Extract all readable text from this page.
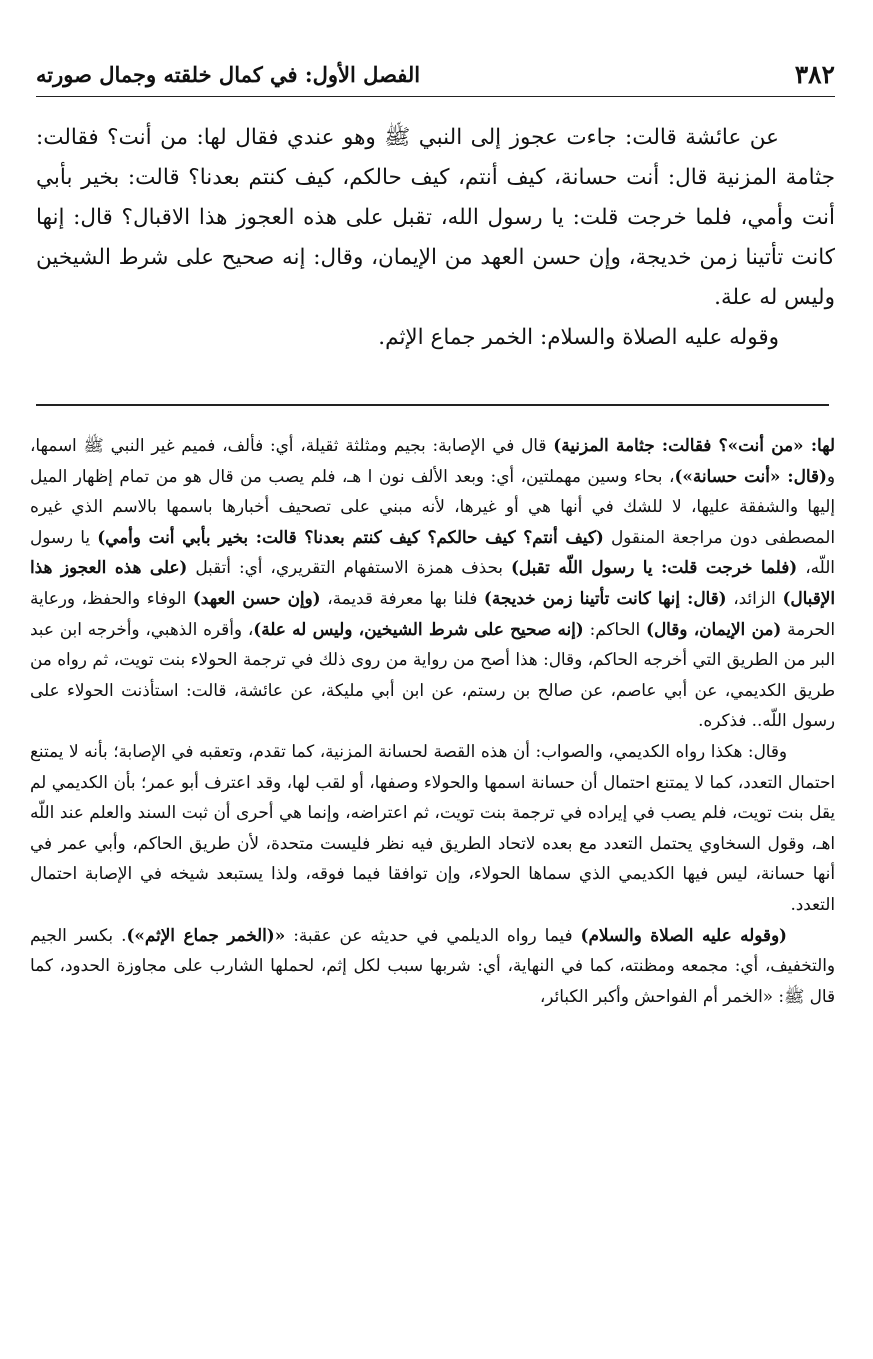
٣٨٢
الفصل الأول: في كمال خلقته وجمال صورته

عن عائشة قالت: جاءت عجوز إلى النبي ﷺ وهو عندي فقال لها: من أنت؟ فقالت: جثامة المزنية قال: أنت حسانة، كيف أنتم، كيف حالكم، كيف كنتم بعدنا؟ قالت: بخير بأبي أنت وأمي، فلما خرجت قلت: يا رسول الله، تقبل على هذه العجوز هذا الاقبال؟ قال: إنها كانت تأتينا زمن خديجة، وإن حسن العهد من الإيمان، وقال: إنه صحيح على شرط الشيخين وليس له علة.

وقوله عليه الصلاة والسلام: الخمر جماع الإثم.

لها: «من أنت»؟ فقالت: جثامة المزنية) قال في الإصابة: بجيم ومثلثة ثقيلة، أي: فألف، فميم غير النبي ﷺ اسمها، و(قال: «أنت حسانة»)، بحاء وسين مهملتين، أي: وبعد الألف نون ا هـ، فلم يصب من قال هو من تمام إظهار الميل إليها والشفقة عليها، لا للشك في أنها هي أو غيرها، لأنه مبني على تصحيف أخبارها باسمها بالاسم الذي غيره المصطفى دون مراجعة المنقول (كيف أنتم؟ كيف حالكم؟ كيف كنتم بعدنا؟ قالت: بخير بأبي أنت وأمي) يا رسول اللّه، (فلما خرجت قلت: يا رسول اللّه تقبل) بحذف همزة الاستفهام التقريري، أي: أتقبل (على هذه العجوز هذا الإقبال) الزائد، (قال: إنها كانت تأتينا زمن خديجة) فلنا بها معرفة قديمة، (وإن حسن العهد) الوفاء والحفظ، ورعاية الحرمة (من الإيمان، وقال) الحاكم: (إنه صحيح على شرط الشيخين، وليس له علة)، وأقره الذهبي، وأخرجه ابن عبد البر من الطريق التي أخرجه الحاكم، وقال: هذا أصح من رواية من روى ذلك في ترجمة الحولاء بنت تويت، ثم رواه من طريق الكديمي، عن أبي عاصم، عن صالح بن رستم، عن ابن أبي مليكة، عن عائشة، قالت: استأذنت الحولاء على رسول اللّه.. فذكره.

وقال: هكذا رواه الكديمي، والصواب: أن هذه القصة لحسانة المزنية، كما تقدم، وتعقبه في الإصابة؛ بأنه لا يمتنع احتمال التعدد، كما لا يمتنع احتمال أن حسانة اسمها والحولاء وصفها، أو لقب لها، وقد اعترف أبو عمر؛ بأن الكديمي لم يقل بنت تويت، فلم يصب في إيراده في ترجمة بنت تويت، ثم اعتراضه، وإنما هي أحرى أن ثبت السند والعلم عند اللّه اهـ، وقول السخاوي يحتمل التعدد مع بعده لاتحاد الطريق فيه نظر فليست متحدة، لأن طريق الحاكم، وأبي عمر في أنها حسانة، ليس فيها الكديمي الذي سماها الحولاء، وإن توافقا فيما فوقه، ولذا يستبعد شيخه في الإصابة احتمال التعدد.

(وقوله عليه الصلاة والسلام) فيما رواه الديلمي في حديثه عن عقبة: «(الخمر جماع الإثم»). بكسر الجيم والتخفيف، أي: مجمعه ومظنته، كما في النهاية، أي: شربها سبب لكل إثم، لحملها الشارب على مجاوزة الحدود، كما قال ﷺ: «الخمر أم الفواحش وأكبر الكبائر،
